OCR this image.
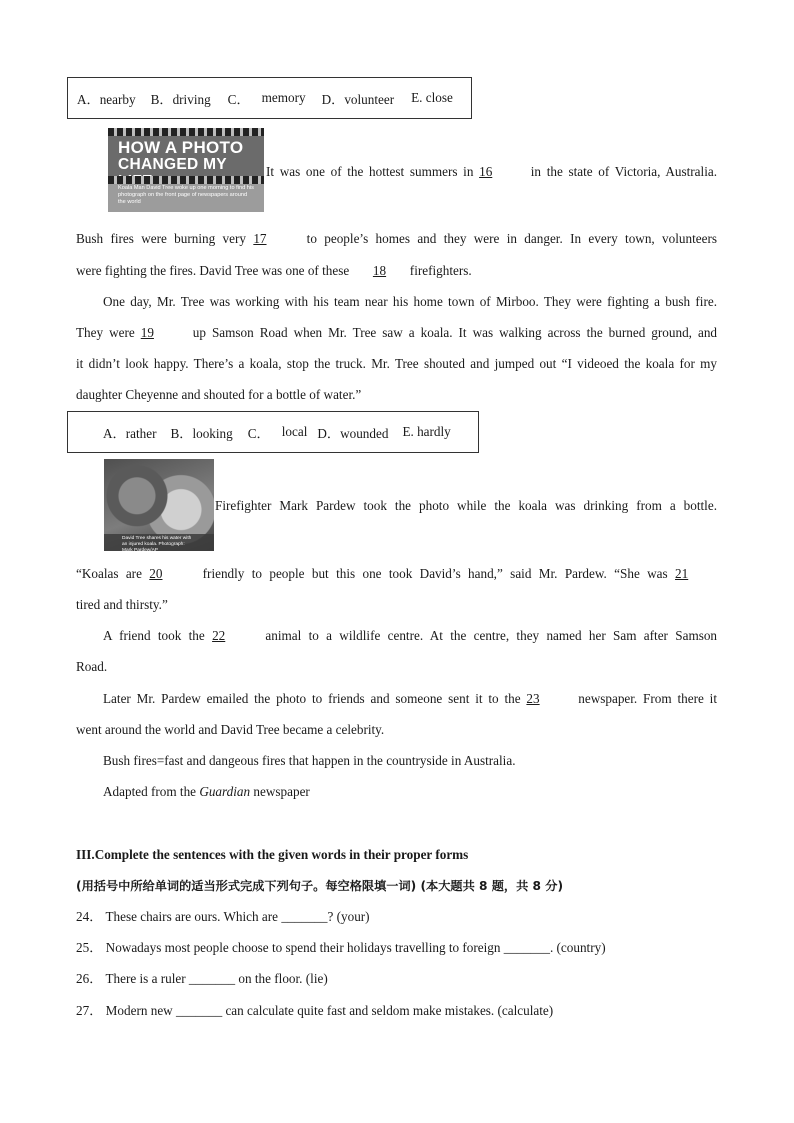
A．nearby B．driving C． memory D．volunteer E. close
HOW A PHOTO
CHANGED MY
Koala Man David Tree woke up one morning to find his photograph on the front page of newspapers around the world
It was one of the hottest summers in 16	in the state of Victoria, Australia.
Bush fires were burning very 17	to people’s homes and they were in danger. In every town, volunteers
were fighting the fires. David Tree was one of these 18 firefighters.
One day, Mr. Tree was working with his team near his home town of Mirboo. They were fighting a bush fire.
They were 19	up Samson Road when Mr. Tree saw a koala. It was walking across the burned ground, and
it didn’t look happy. There’s a koala, stop the truck. Mr. Tree shouted and jumped out “I videoed the koala for my
daughter Cheyenne and shouted for a bottle of water.”
A．rather B．looking C． local D．wounded E. hardly
David Tree shares his water with an injured koala. Photograph: Mark Pardew/AP
Firefighter Mark Pardew took the photo while the koala was drinking from a bottle.
“Koalas are 20	friendly to people but this one took David’s hand,” said Mr. Pardew. “She was 21
tired and thirsty.”
A friend took the 22	animal to a wildlife centre. At the centre, they named her Sam after Samson
Road.
Later Mr. Pardew emailed the photo to friends and someone sent it to the 23	newspaper. From there it
went around the world and David Tree became a celebrity.
Bush fires=fast and dangeous fires that happen in the countryside in Australia.
Adapted from the Guardian newspaper
III.Complete the sentences with the given words in their proper forms
(用括号中所给单词的适当形式完成下列句子。每空格限填一词) (本大题共 8 题，共 8 分)
24． These chairs are ours. Which are _______? (your)
25． Nowadays most people choose to spend their holidays travelling to foreign _______. (country)
26． There is a ruler _______ on the floor. (lie)
27． Modern new _______ can calculate quite fast and seldom make mistakes. (calculate)
